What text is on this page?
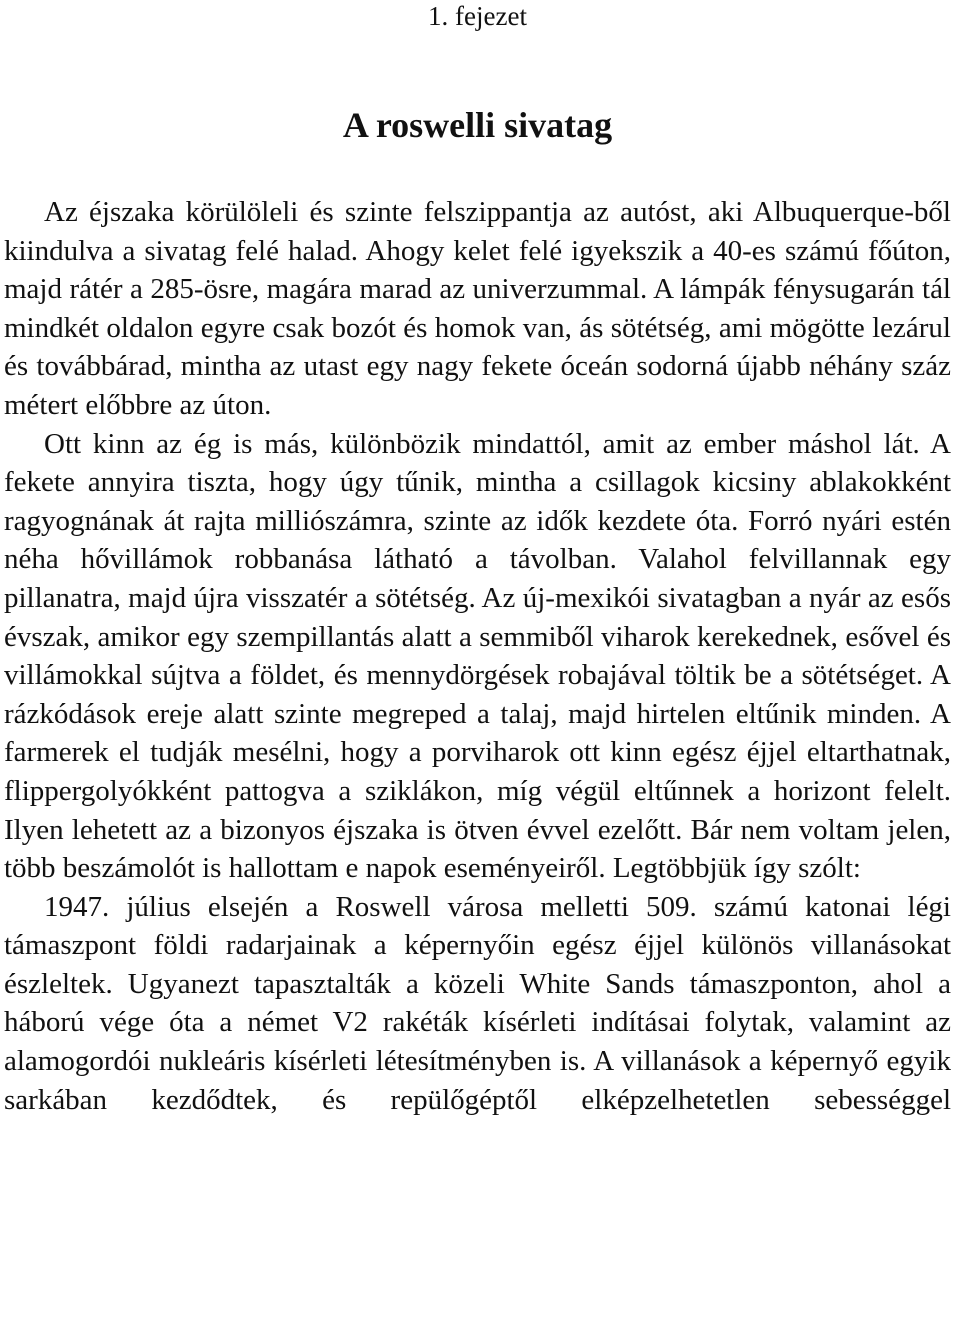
1. fejezet
A roswelli sivatag

Az éjszaka körülöleli és szinte felszippantja az autóst, aki Albuquerque-ből kiindulva a sivatag felé halad. Ahogy kelet felé igyekszik a 40-es számú főúton, majd rátér a 285-ösre, magára marad az univerzummal. A lámpák fénysugarán tál mindkét oldalon egyre csak bozót és homok van, ás sötétség, ami mögötte lezárul és továbbárad, mintha az utast egy nagy fekete óceán sodorná újabb néhány száz métert előbbre az úton.

Ott kinn az ég is más, különbözik mindattól, amit az ember máshol lát. A fekete annyira tiszta, hogy úgy tűnik, mintha a csillagok kicsiny ablakokként ragyognának át rajta milliószámra, szinte az idők kezdete óta. Forró nyári estén néha hővillámok robbanása látható a távolban. Valahol felvillannak egy pillanatra, majd újra visszatér a sötétség. Az új-mexikói sivatagban a nyár az esős évszak, amikor egy szempillantás alatt a semmiből viharok kerekednek, esővel és villámokkal sújtva a földet, és mennydörgések robajával töltik be a sötétséget. A rázkódások ereje alatt szinte megreped a talaj, majd hirtelen eltűnik minden. A farmerek el tudják mesélni, hogy a porviharok ott kinn egész éjjel eltarthatnak, flippergolyókként pattogva a sziklákon, míg végül eltűnnek a horizont felelt. Ilyen lehetett az a bizonyos éjszaka is ötven évvel ezelőtt. Bár nem voltam jelen, több beszámolót is hallottam e napok eseményeiről. Legtöbbjük így szólt:

1947. július elsején a Roswell városa melletti 509. számú katonai légi támaszpont földi radarjainak a képernyőin egész éjjel különös villanásokat észleltek. Ugyanezt tapasztalták a közeli White Sands támaszponton, ahol a háború vége óta a német V2 rakéták kísérleti indításai folytak, valamint az alamogordói nukleáris kísérleti létesítményben is. A villanások a képernyő egyik sarkában kezdődtek, és repülőgéptől elképzelhetetlen sebességgel
